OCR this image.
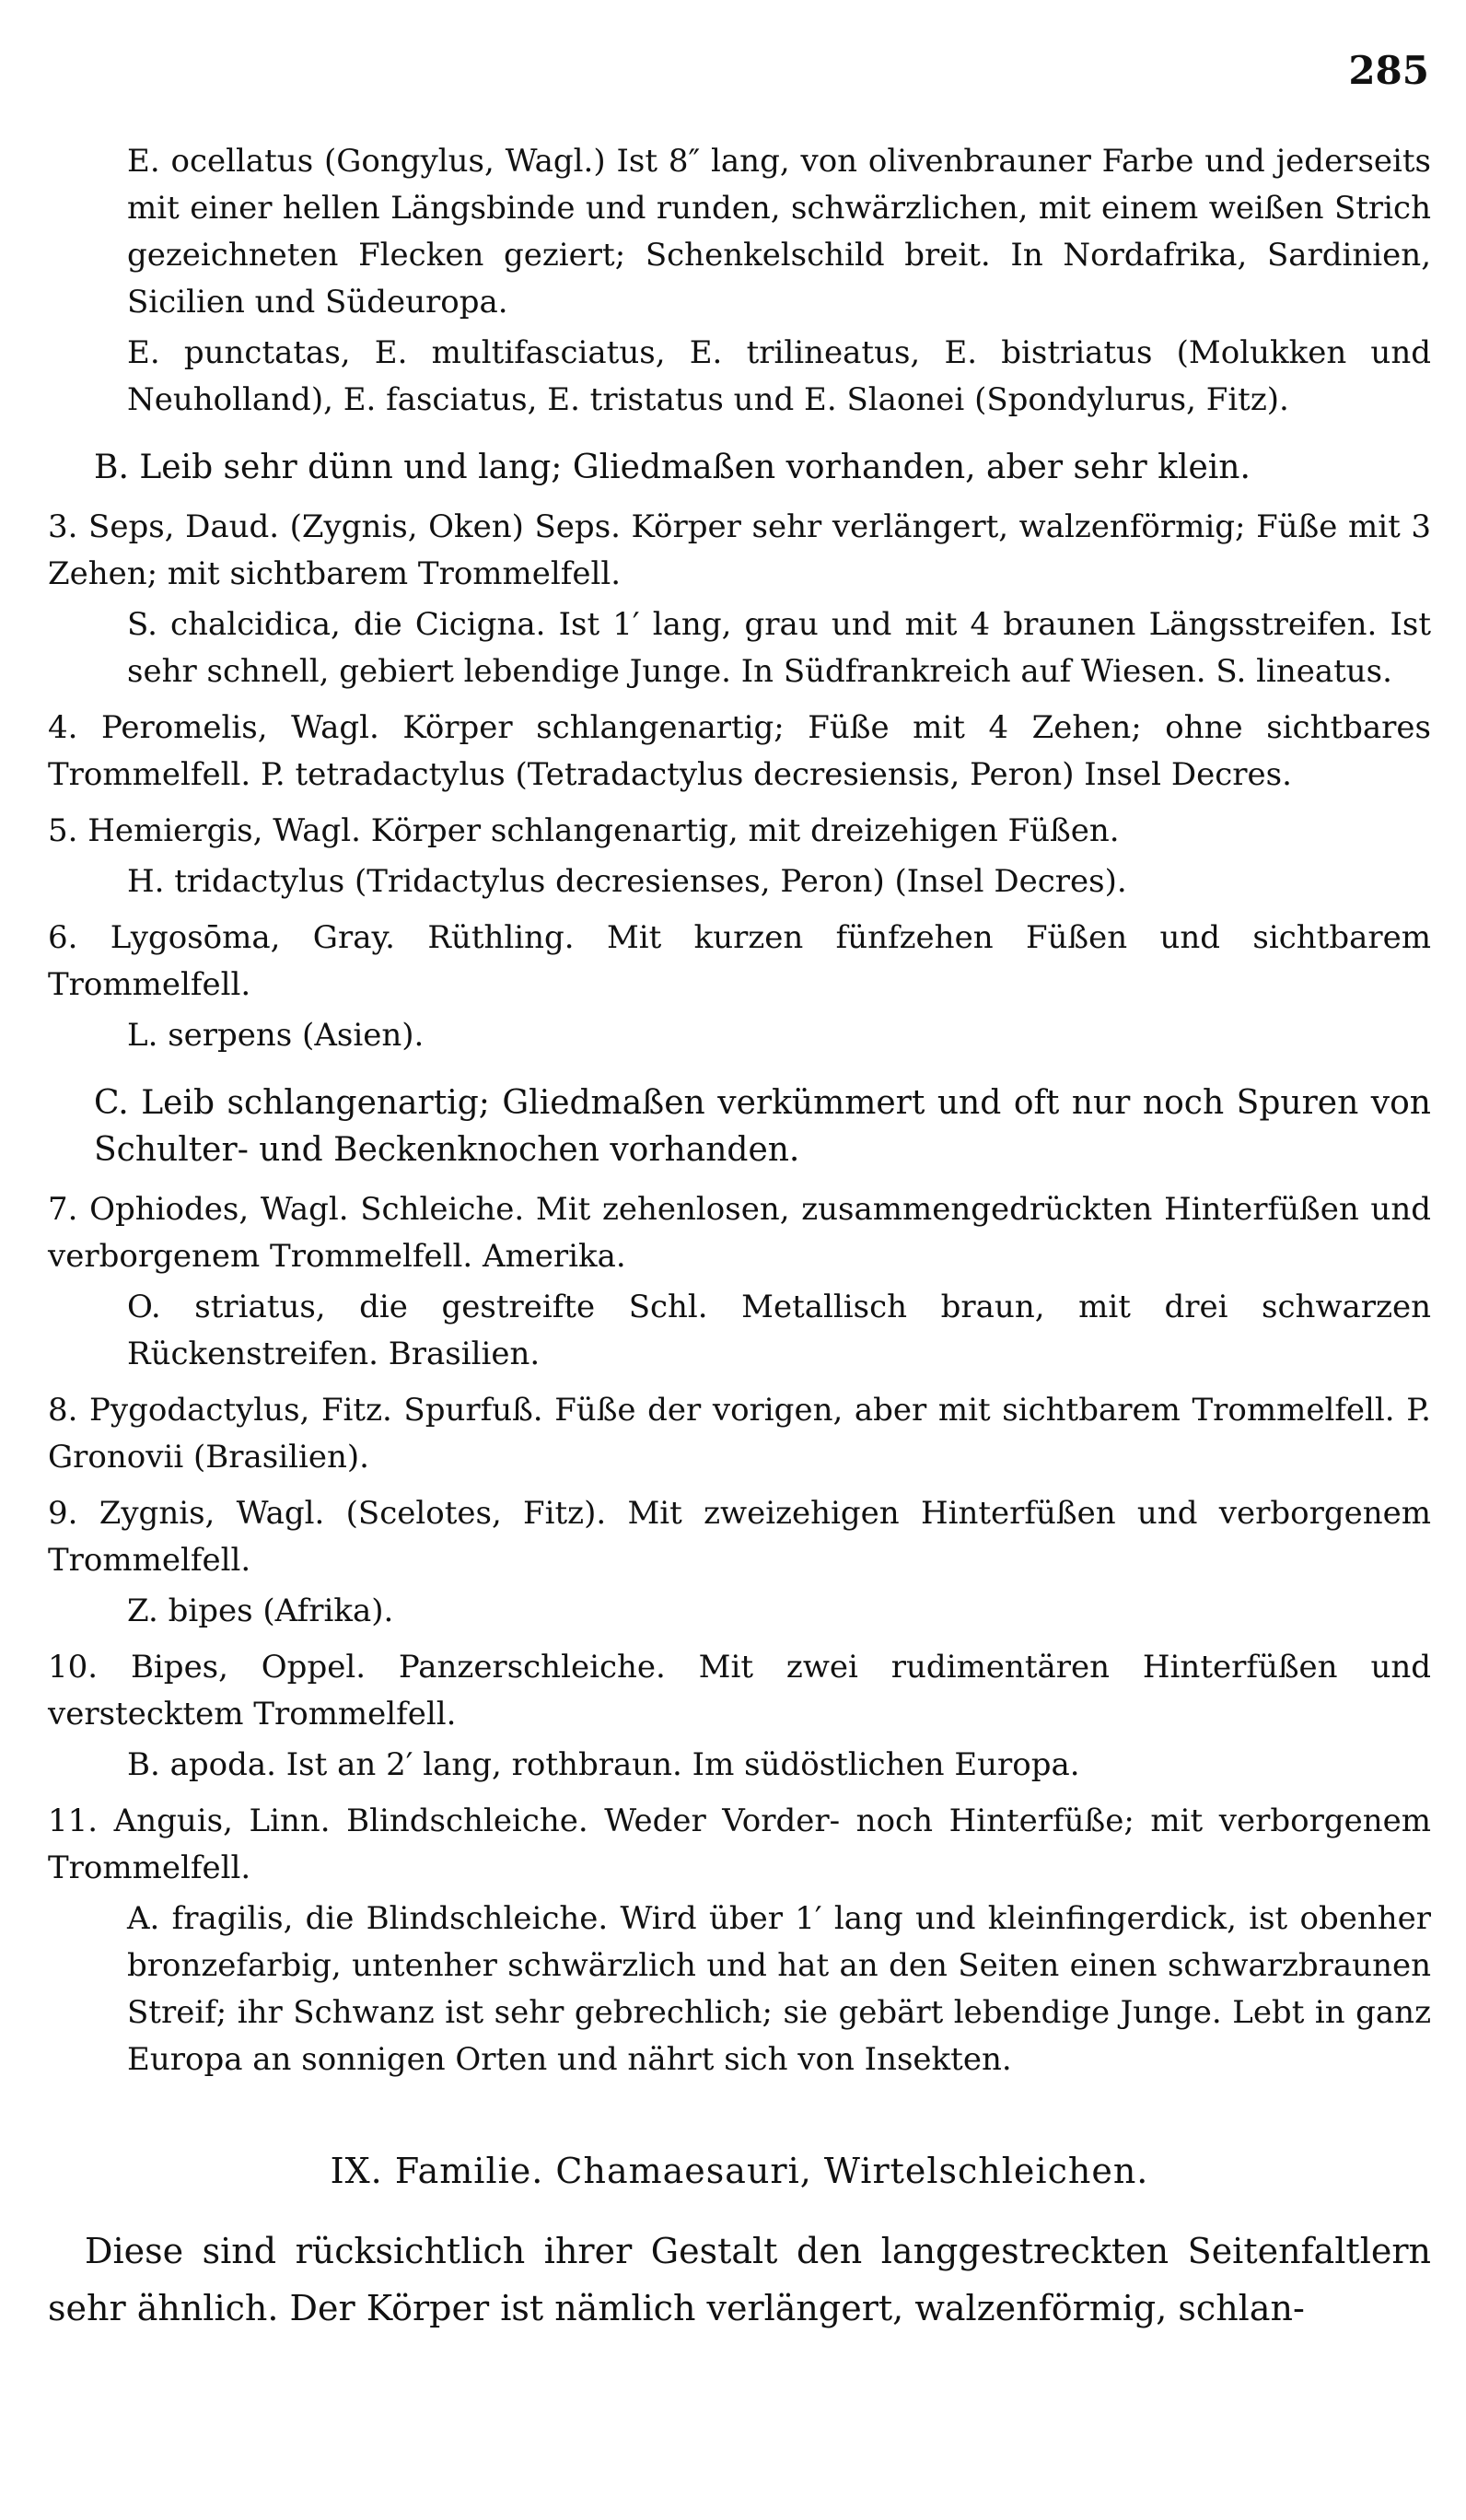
285

E. ocellatus (Gongylus, Wagl.) Ist 8″ lang, von olivenbrauner Farbe und jederseits mit einer hellen Längsbinde und runden, schwärzlichen, mit einem weißen Strich gezeichneten Flecken geziert; Schenkelschild breit. In Nordafrika, Sardinien, Sicilien und Südeuropa.

E. punctatas, E. multifasciatus, E. trilineatus, E. bistriatus (Molukken und Neuholland), E. fasciatus, E. tristatus und E. Slaonei (Spondylurus, Fitz).

B. Leib sehr dünn und lang; Gliedmaßen vorhanden, aber sehr klein.

3. Seps, Daud. (Zygnis, Oken) Seps. Körper sehr verlängert, walzenförmig; Füße mit 3 Zehen; mit sichtbarem Trommelfell.

S. chalcidica, die Cicigna. Ist 1′ lang, grau und mit 4 braunen Längsstreifen. Ist sehr schnell, gebiert lebendige Junge. In Südfrankreich auf Wiesen. S. lineatus.

4. Peromelis, Wagl. Körper schlangenartig; Füße mit 4 Zehen; ohne sichtbares Trommelfell. P. tetradactylus (Tetradactylus decresiensis, Peron) Insel Decres.

5. Hemiergis, Wagl. Körper schlangenartig, mit dreizehigen Füßen.

H. tridactylus (Tridactylus decresienses, Peron) (Insel Decres).

6. Lygosōma, Gray. Rüthling. Mit kurzen fünfzehen Füßen und sichtbarem Trommelfell.

L. serpens (Asien).

C. Leib schlangenartig; Gliedmaßen verkümmert und oft nur noch Spuren von Schulter- und Beckenknochen vorhanden.

7. Ophiodes, Wagl. Schleiche. Mit zehenlosen, zusammengedrückten Hinterfüßen und verborgenem Trommelfell. Amerika.

O. striatus, die gestreifte Schl. Metallisch braun, mit drei schwarzen Rückenstreifen. Brasilien.

8. Pygodactylus, Fitz. Spurfuß. Füße der vorigen, aber mit sichtbarem Trommelfell. P. Gronovii (Brasilien).

9. Zygnis, Wagl. (Scelotes, Fitz). Mit zweizehigen Hinterfüßen und verborgenem Trommelfell.

Z. bipes (Afrika).

10. Bipes, Oppel. Panzerschleiche. Mit zwei rudimentären Hinterfüßen und verstecktem Trommelfell.

B. apoda. Ist an 2′ lang, rothbraun. Im südöstlichen Europa.

11. Anguis, Linn. Blindschleiche. Weder Vorder- noch Hinterfüße; mit verborgenem Trommelfell.

A. fragilis, die Blindschleiche. Wird über 1′ lang und kleinfingerdick, ist obenher bronzefarbig, untenher schwärzlich und hat an den Seiten einen schwarzbraunen Streif; ihr Schwanz ist sehr gebrechlich; sie gebärt lebendige Junge. Lebt in ganz Europa an sonnigen Orten und nährt sich von Insekten.

IX. Familie. Chamaesauri, Wirtelschleichen.

Diese sind rücksichtlich ihrer Gestalt den langgestreckten Seitenfaltlern sehr ähnlich. Der Körper ist nämlich verlängert, walzenförmig, schlan-
